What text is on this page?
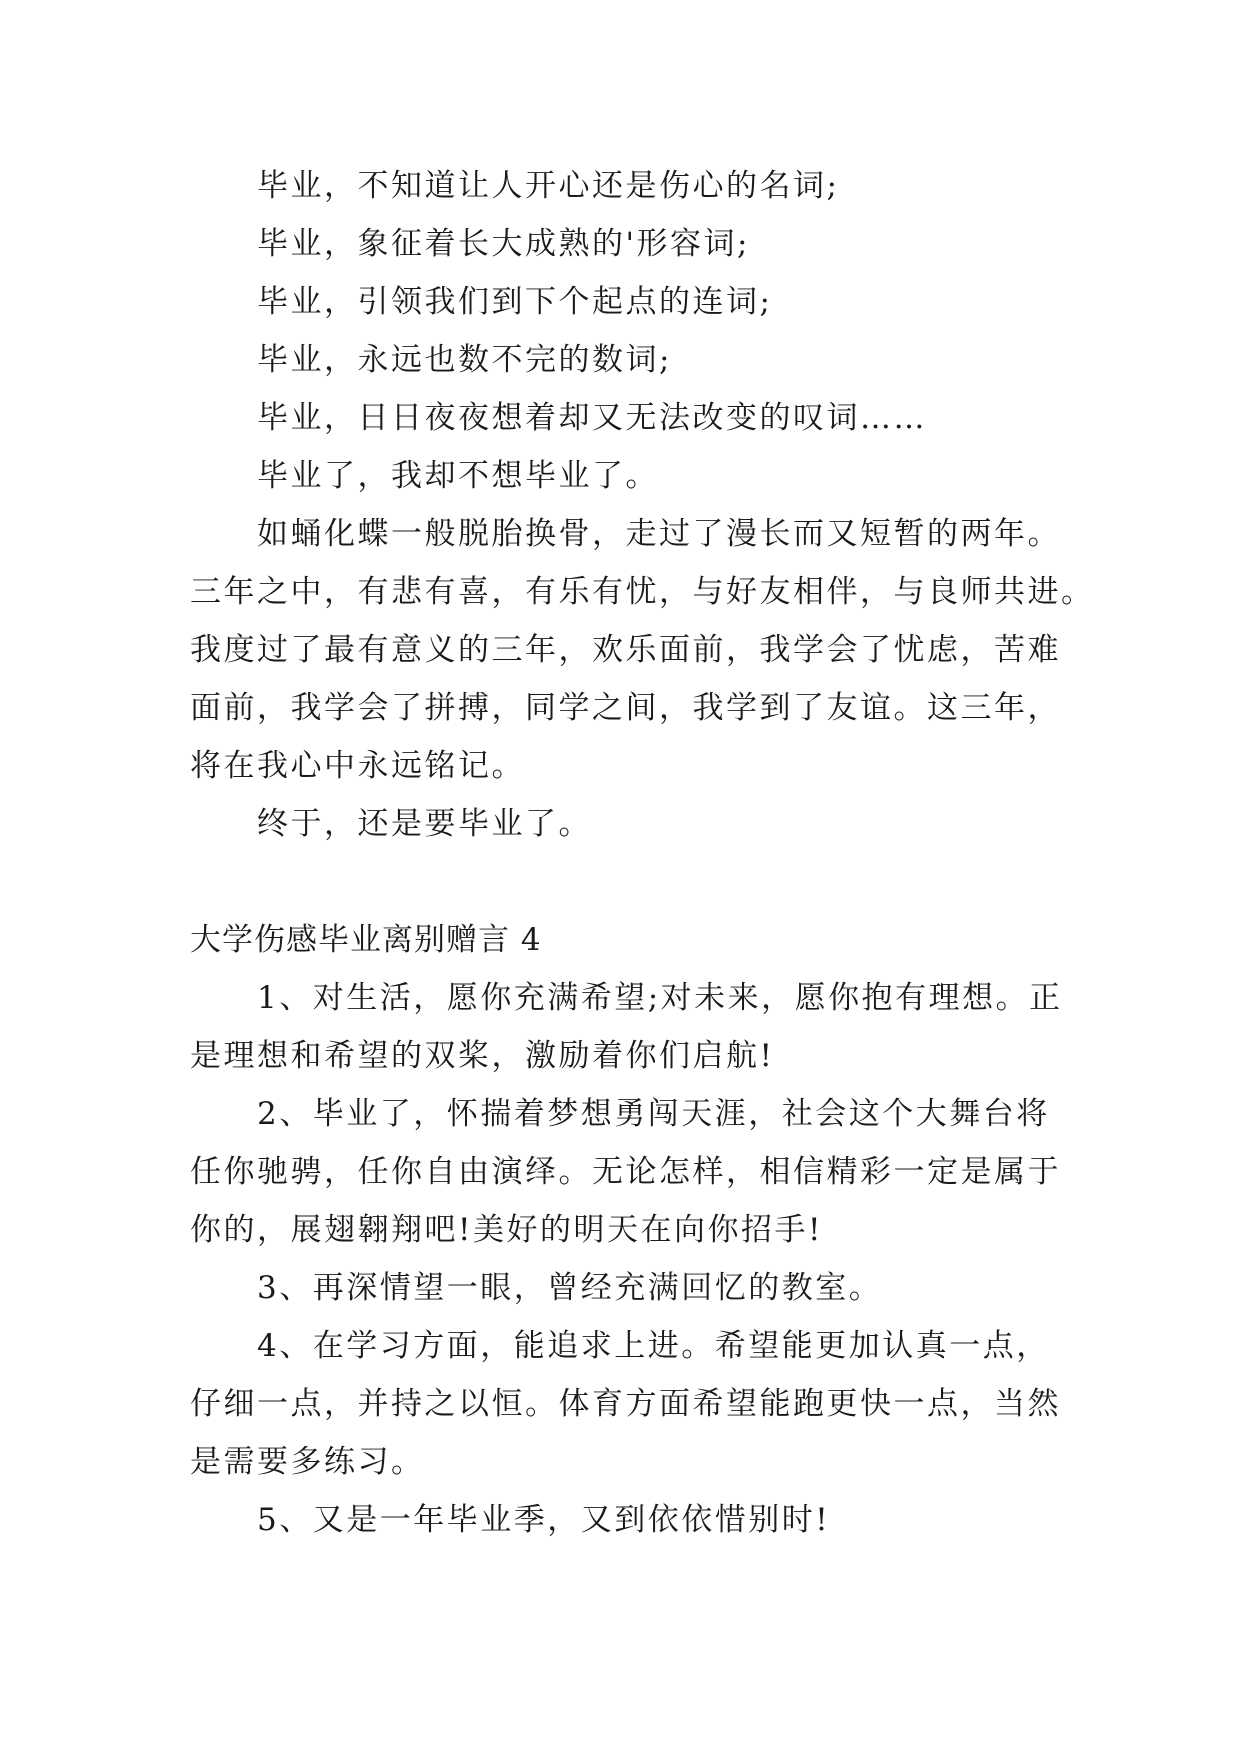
毕业，不知道让人开心还是伤心的名词;
毕业，象征着长大成熟的'形容词;
毕业，引领我们到下个起点的连词;
毕业，永远也数不完的数词;
毕业，日日夜夜想着却又无法改变的叹词……
毕业了，我却不想毕业了。
如蛹化蝶一般脱胎换骨，走过了漫长而又短暂的两年。
三年之中，有悲有喜，有乐有忧，与好友相伴，与良师共进。
我度过了最有意义的三年，欢乐面前，我学会了忧虑，苦难
面前，我学会了拼搏，同学之间，我学到了友谊。这三年，
将在我心中永远铭记。
终于，还是要毕业了。
大学伤感毕业离别赠言 4
1、对生活，愿你充满希望;对未来，愿你抱有理想。正
是理想和希望的双桨，激励着你们启航!
2、毕业了，怀揣着梦想勇闯天涯，社会这个大舞台将
任你驰骋，任你自由演绎。无论怎样，相信精彩一定是属于
你的，展翅翱翔吧!美好的明天在向你招手!
3、再深情望一眼，曾经充满回忆的教室。
4、在学习方面，能追求上进。希望能更加认真一点，
仔细一点，并持之以恒。体育方面希望能跑更快一点，当然
是需要多练习。
5、又是一年毕业季，又到依依惜别时!
